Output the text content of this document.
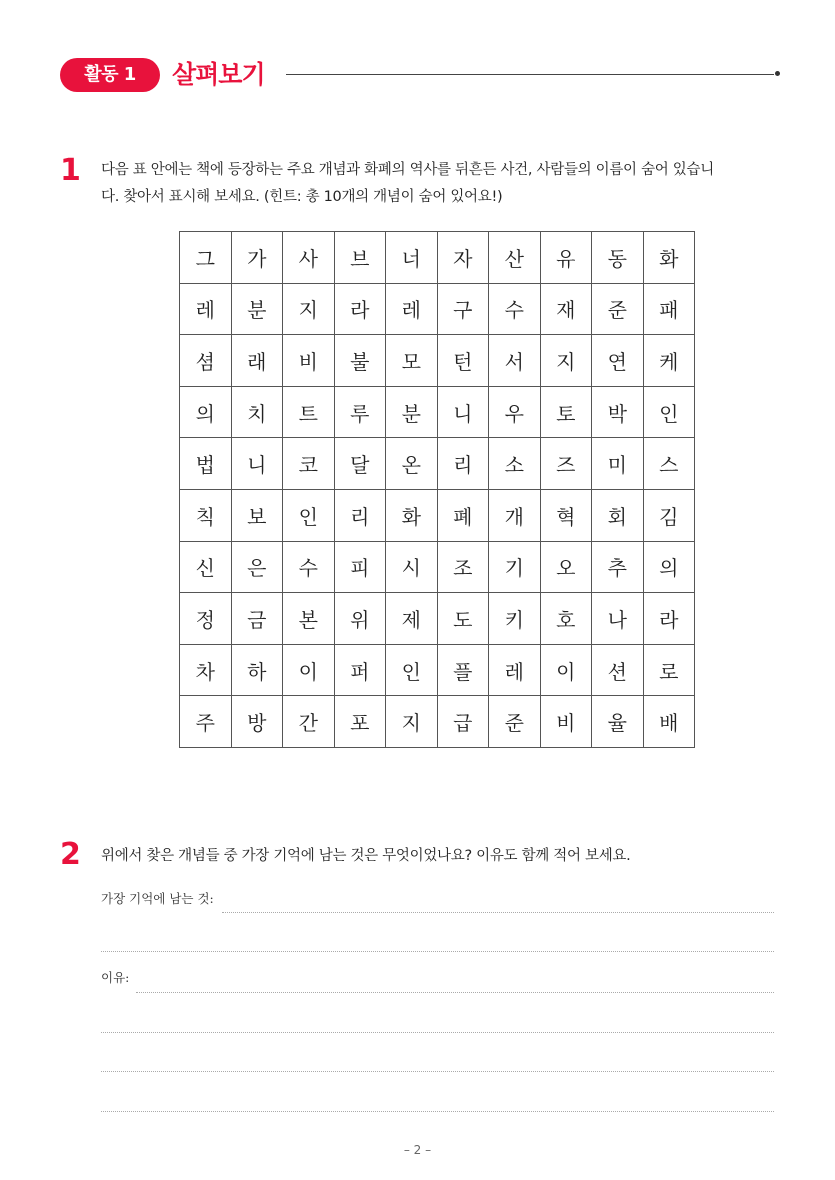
활동 1	살펴보기
1 다음 표 안에는 책에 등장하는 주요 개념과 화폐의 역사를 뒤흔든 사건, 사람들의 이름이 숨어 있습니
다. 찾아서 표시해 보세요. (힌트: 총 10개의 개념이 숨어 있어요!)
그	가	사	브	너	자	산	유	동	화
레	분	지	라	레	구	수	재	준	패
셤	래	비	불	모	턴	서	지	연	케
의	치	트	루	분	니	우	토	박	인
법	니	코	달	온	리	소	즈	미	스
칙	보	인	리	화	폐	개	혁	회	김
신	은	수	피	시	조	기	오	추	의
정	금	본	위	제	도	키	호	나	라
차	하	이	퍼	인	플	레	이	션	로
주	방	간	포	지	급	준	비	율	배
2 위에서 찾은 개념들 중 가장 기억에 남는 것은 무엇이었나요? 이유도 함께 적어 보세요.
가장 기억에 남는 것:
이유:
– 2 –
